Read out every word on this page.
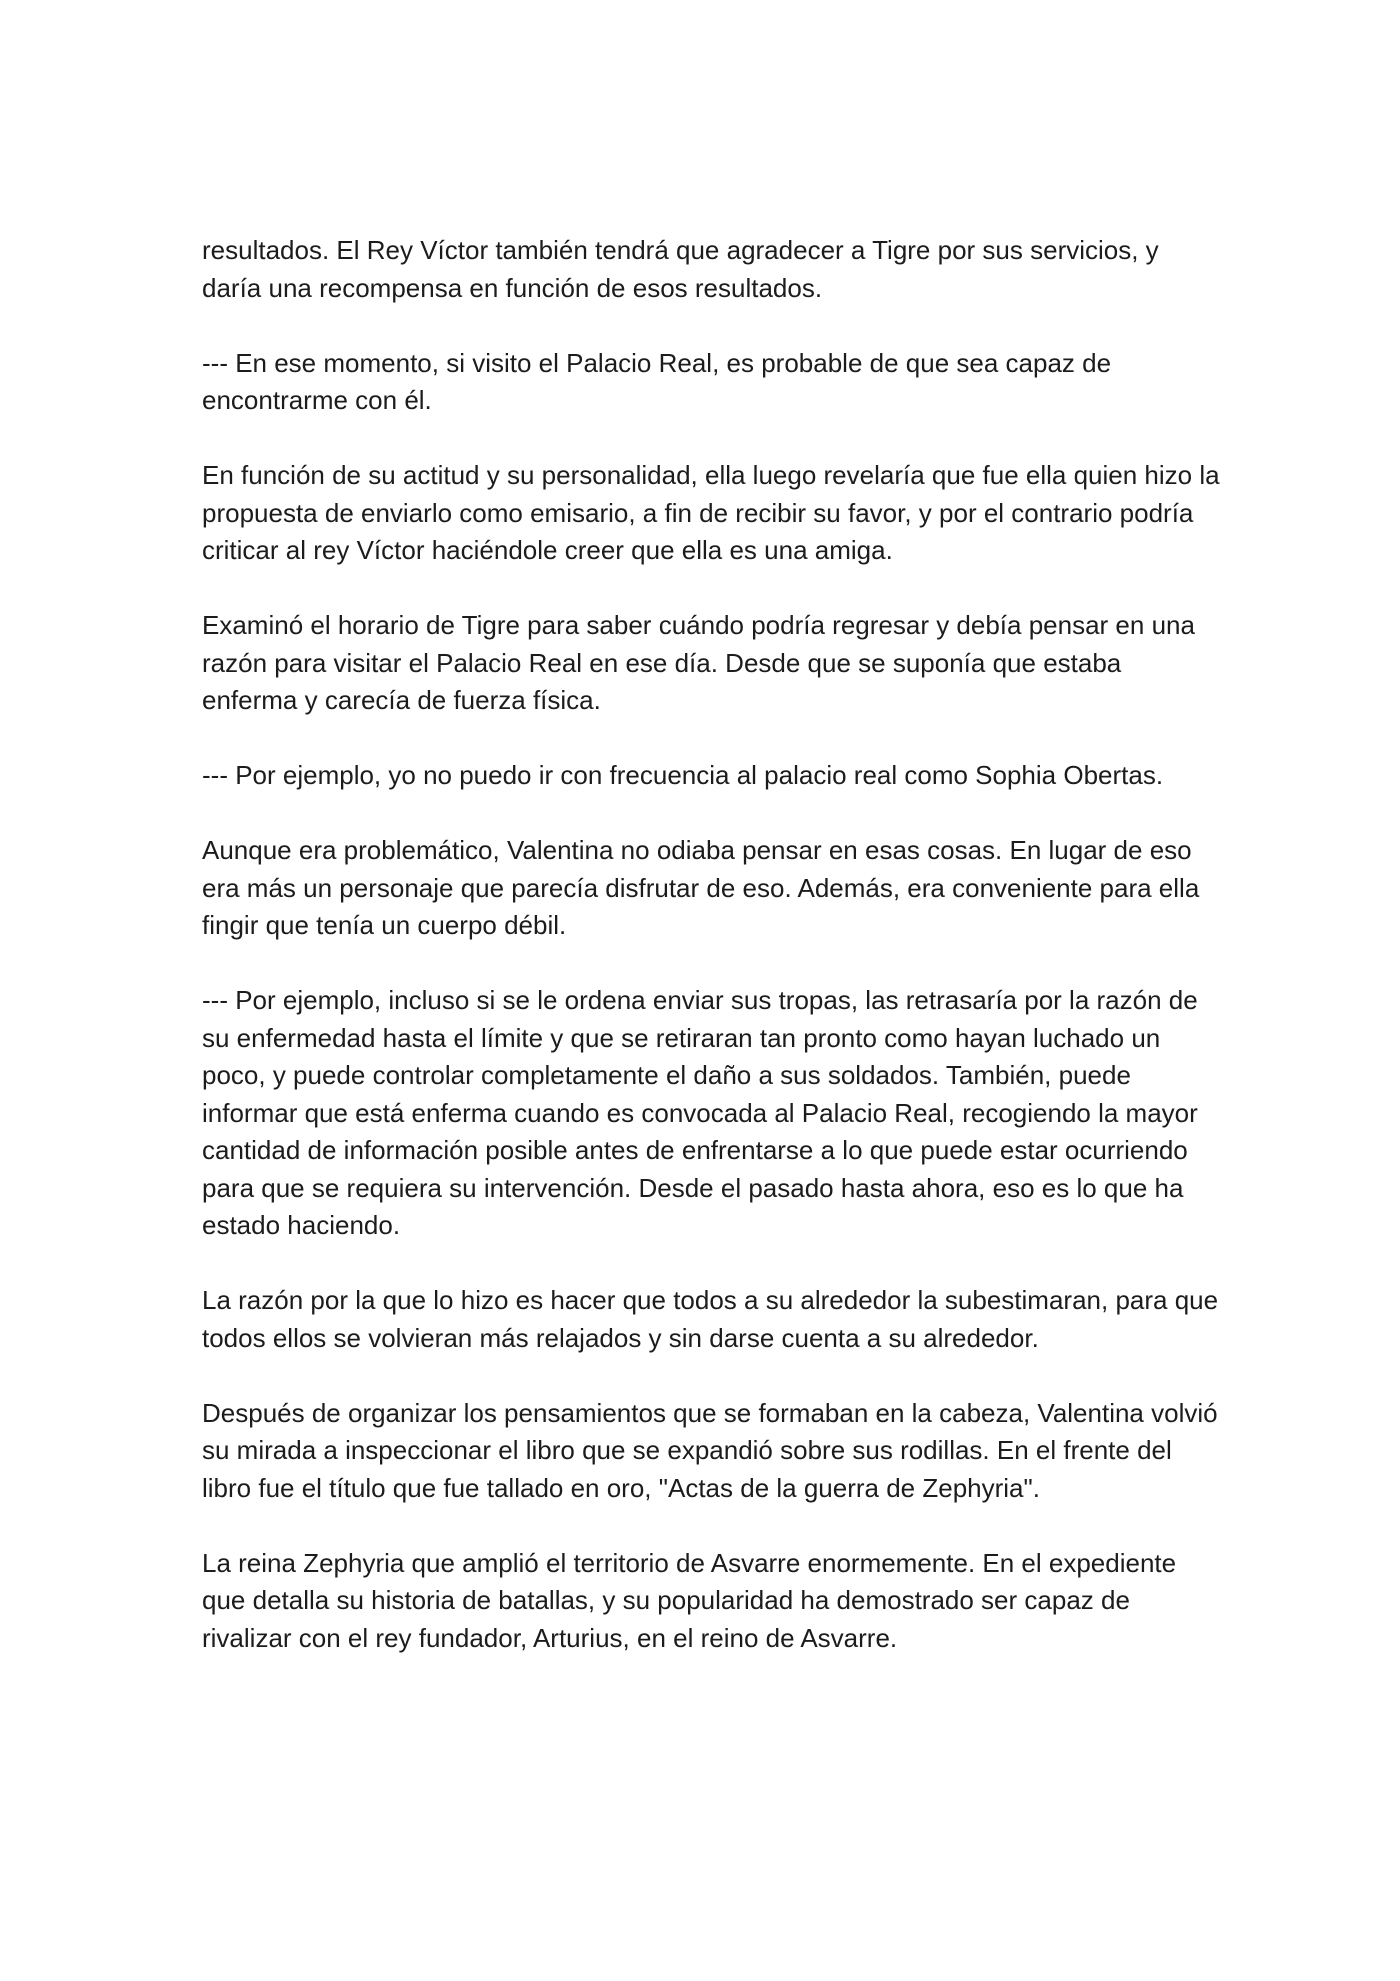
resultados. El Rey Víctor también tendrá que agradecer a Tigre por sus servicios, y daría una recompensa en función de esos resultados.

--- En ese momento, si visito el Palacio Real, es probable de que sea capaz de encontrarme con él.

En función de su actitud y su personalidad, ella luego revelaría que fue ella quien hizo la propuesta de enviarlo como emisario, a fin de recibir su favor, y por el contrario podría criticar al rey Víctor haciéndole creer que ella es una amiga.

Examinó el horario de Tigre para saber cuándo podría regresar y debía pensar en una razón para visitar el Palacio Real en ese día. Desde que se suponía que estaba enferma y carecía de fuerza física.

--- Por ejemplo, yo no puedo ir con frecuencia al palacio real como Sophia Obertas.

Aunque era problemático, Valentina no odiaba pensar en esas cosas. En lugar de eso era más un personaje que parecía disfrutar de eso. Además, era conveniente para ella fingir que tenía un cuerpo débil.

--- Por ejemplo, incluso si se le ordena enviar sus tropas, las retrasaría por la razón de su enfermedad hasta el límite y que se retiraran tan pronto como hayan luchado un poco, y puede controlar completamente el daño a sus soldados. También, puede informar que está enferma cuando es convocada al Palacio Real, recogiendo la mayor cantidad de información posible antes de enfrentarse a lo que puede estar ocurriendo para que se requiera su intervención. Desde el pasado hasta ahora, eso es lo que ha estado haciendo.

La razón por la que lo hizo es hacer que todos a su alrededor la subestimaran, para que todos ellos se volvieran más relajados y sin darse cuenta a su alrededor.

Después de organizar los pensamientos que se formaban en la cabeza, Valentina volvió su mirada a inspeccionar el libro que se expandió sobre sus rodillas. En el frente del libro fue el título que fue tallado en oro, "Actas de la guerra de Zephyria".

La reina Zephyria que amplió el territorio de Asvarre enormemente. En el expediente que detalla su historia de batallas, y su popularidad ha demostrado ser capaz de rivalizar con el rey fundador, Arturius, en el reino de Asvarre.
